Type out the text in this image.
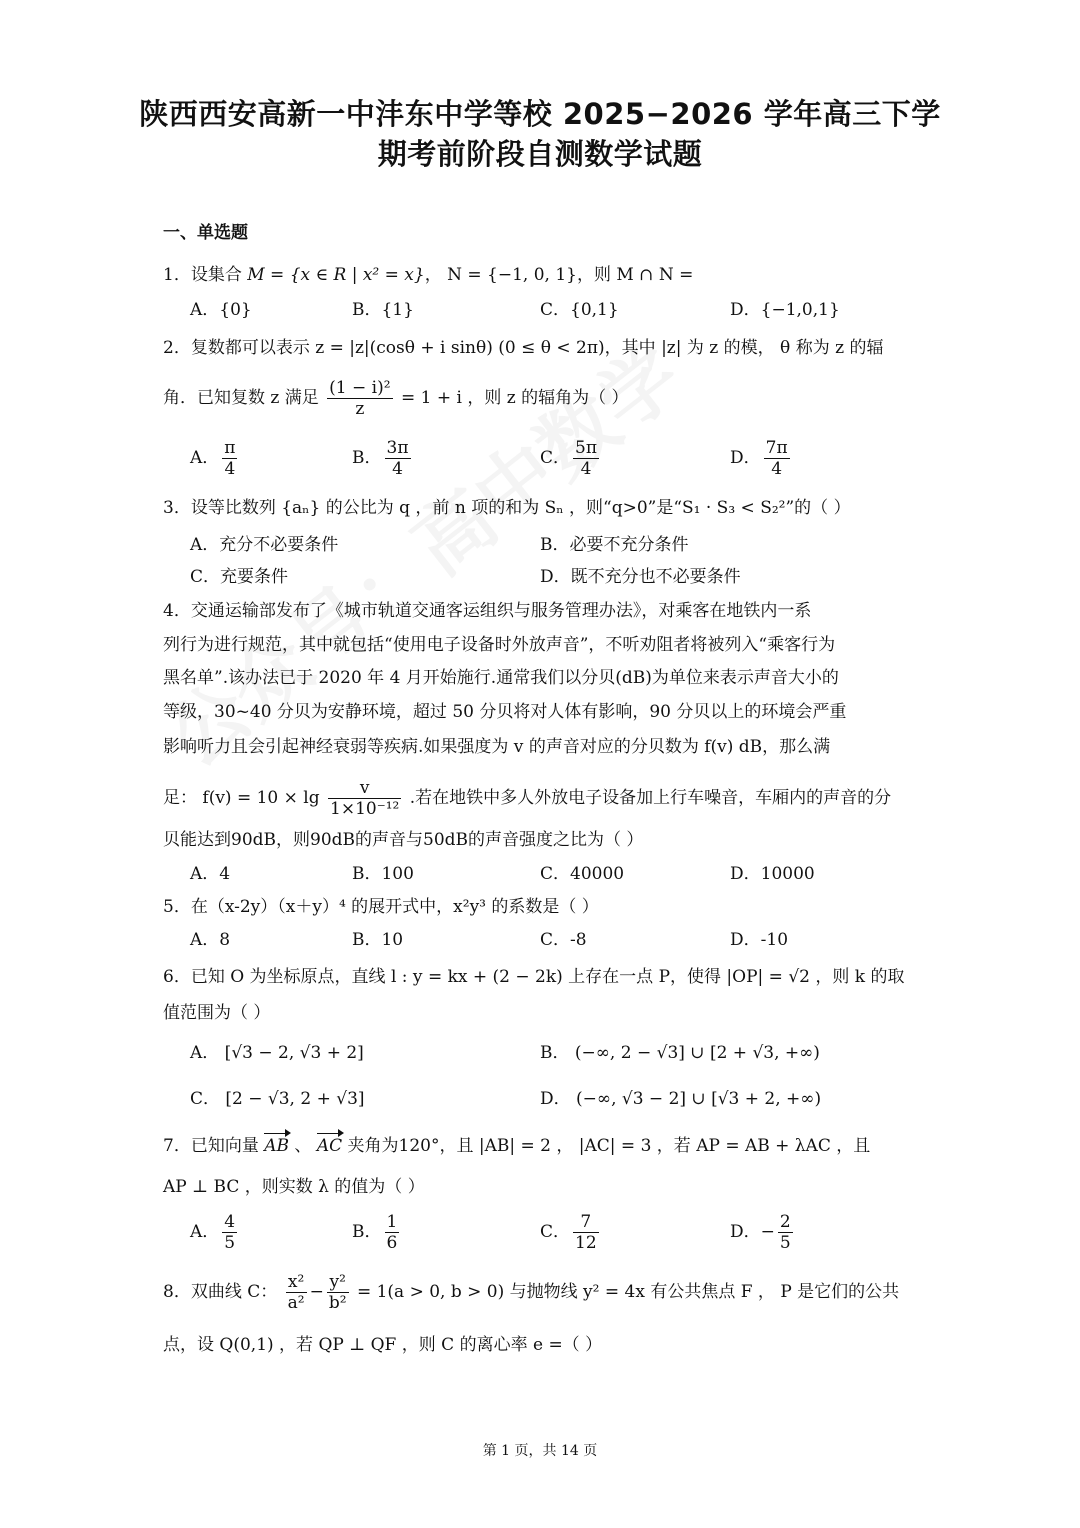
陕西西安高新一中沣东中学等校 2025−2026 学年高三下学
期考前阶段自测数学试题
一、单选题
1．设集合 M = {x ∈ R | x² = x}， N = {−1, 0, 1}，则 M ∩ N =
A．{0}	B．{1}	C．{0,1}	D．{−1,0,1}
2．复数都可以表示 z = |z|(cosθ + i sinθ) (0 ≤ θ < 2π)，其中 |z| 为 z 的模， θ 称为 z 的辐
角．已知复数 z 满足 $\frac{\text{(1 − i)²}}{z} = 1 + i$ ，则 z 的辐角为（ ）
A． $\frac{\pi}{4}$	B． $\frac{3\pi}{4}$	C． $\frac{5\pi}{4}$	D． $\frac{7\pi}{4}$
3．设等比数列 {aₙ} 的公比为 q ，前 n 项的和为 Sₙ ，则“q>0”是“S₁ · S₃ < S₂²”的（ ）
A．充分不必要条件	B．必要不充分条件
C．充要条件	D．既不充分也不必要条件
4．交通运输部发布了《城市轨道交通客运组织与服务管理办法》，对乘客在地铁内一系
列行为进行规范，其中就包括“使用电子设备时外放声音”，不听劝阻者将被列入“乘客行为
黑名单”.该办法已于 2020 年 4 月开始施行.通常我们以分贝(dB)为单位来表示声音大小的
等级，30~40 分贝为安静环境，超过 50 分贝将对人体有影响，90 分贝以上的环境会严重
影响听力且会引起神经衰弱等疾病.如果强度为 v 的声音对应的分贝数为 f(v) dB，那么满
足： $f(v) = 10 \times \lg \frac{v}{\text{1×10⁻¹²}}$ .若在地铁中多人外放电子设备加上行车噪音，车厢内的声音的分
贝能达到90dB，则90dB的声音与50dB的声音强度之比为（ ）
A．4	B．100	C．40000	D．10000
5．在（x-2y）（x＋y）⁴ 的展开式中，x²y³ 的系数是（ ）
A．8	B．10	C．-8	D．-10
6．已知 O 为坐标原点，直线 l : y = kx + (2 − 2k) 上存在一点 P，使得 |OP| = √2 ，则 k 的取
值范围为（ ）
A． [√3 − 2, √3 + 2]	B． (−∞, 2 − √3] ∪ [2 + √3, +∞)
C． [2 − √3, 2 + √3]	D． (−∞, √3 − 2] ∪ [√3 + 2, +∞)
7．已知向量 AB 、 AC 夹角为120°，且 |AB| = 2 ， |AC| = 3 ，若 AP = AB + λAC ，且
AP ⊥ BC ，则实数 λ 的值为（ ）
A． $\frac{4}{5}$	B． $\frac{1}{6}$	C． $\frac{7}{12}$	D．− $\frac{2}{5}$
8．双曲线 C： $\frac{\text{x²}}{\text{a²}} - \frac{\text{y²}}{\text{b²}} = 1(a > 0$, b > 0) 与抛物线 y² = 4x 有公共焦点 F ， P 是它们的公共
点，设 Q(0,1) ，若 QP ⊥ QF ，则 C 的离心率 e =（ ）
第 1 页，共 14 页
